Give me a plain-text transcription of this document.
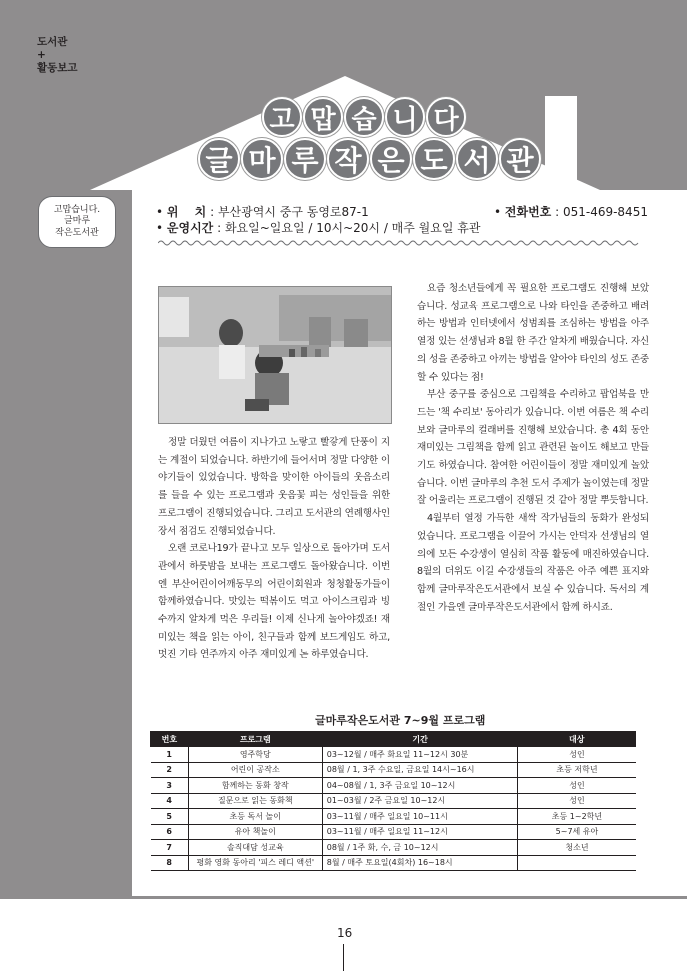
도서관
+
활동보고
고 맙 습 니 다
글 마 루 작 은 도 서 관
고맙습니다.
글마루
작은도서관
• 위　 치 : 부산광역시 중구 동영로87-1	• 전화번호 : 051-469-8451
• 운영시간 : 화요일~일요일 / 10시~20시 / 매주 월요일 휴관

정말 더웠던 여름이 지나가고 노랗고 빨갛게 단풍이 지는 계절이 되었습니다. 하반기에 들어서며 정말 다양한 이야기들이 있었습니다. 방학을 맞이한 아이들의 웃음소리를 들을 수 있는 프로그램과 웃음꽃 피는 성인들을 위한 프로그램이 진행되었습니다. 그리고 도서관의 연례행사인 장서 점검도 진행되었습니다.

오랜 코로나19가 끝나고 모두 일상으로 돌아가며 도서관에서 하룻밤을 보내는 프로그램도 돌아왔습니다. 이번엔 부산어린이어깨동무의 어린이회원과 청청활동가들이 함께하였습니다. 맛있는 떡볶이도 먹고 아이스크림과 빙수까지 알차게 먹은 우리들! 이제 신나게 놀아야겠죠! 재미있는 책을 읽는 아이, 친구들과 함께 보드게임도 하고, 멋진 기타 연주까지 아주 재미있게 논 하루였습니다.

요즘 청소년들에게 꼭 필요한 프로그램도 진행해 보았습니다. 성교육 프로그램으로 나와 타인을 존중하고 배려하는 방법과 인터넷에서 성범죄를 조심하는 방법을 아주 열정 있는 선생님과 8월 한 주간 알차게 배웠습니다. 자신의 성을 존중하고 아끼는 방법을 알아야 타인의 성도 존중할 수 있다는 점!

부산 중구를 중심으로 그림책을 수리하고 팝업북을 만드는 '책 수리보' 동아리가 있습니다. 이번 여름은 책 수리보와 글마루의 컬래버를 진행해 보았습니다. 총 4회 동안 재미있는 그림책을 함께 읽고 관련된 놀이도 해보고 만들기도 하였습니다. 참여한 어린이들이 정말 재미있게 놀았습니다. 이번 글마루의 추천 도서 주제가 놀이였는데 정말 잘 어울리는 프로그램이 진행된 것 같아 정말 뿌듯합니다.

4월부터 열정 가득한 새싹 작가님들의 동화가 완성되었습니다. 프로그램을 이끌어 가시는 안덕자 선생님의 열의에 모든 수강생이 열심히 작품 활동에 매진하였습니다. 8월의 더위도 이길 수강생들의 작품은 아주 예쁜 표지와 함께 글마루작은도서관에서 보실 수 있습니다. 독서의 계절인 가을엔 글마루작은도서관에서 함께 하시죠.

글마루작은도서관 7~9월 프로그램
번호	프로그램	기간	대상
1	영주학당	03~12월 / 매주 화요일 11~12시 30분	성인
2	어린이 공작소	08월 / 1, 3주 수요일, 금요일 14시~16시	초등 저학년
3	함께하는 동화 창작	04~08월 / 1, 3주 금요일 10~12시	성인
4	질문으로 읽는 동화책	01~03월 / 2주 금요일 10~12시	성인
5	초등 독서 놀이	03~11월 / 매주 일요일 10~11시	초등 1~2학년
6	유아 책놀이	03~11월 / 매주 일요일 11~12시	5~7세 유아
7	솔직대담 성교육	08월 / 1주 화, 수, 금 10~12시	청소년
8	평화 영화 동아리 '피스 레디 액션'	8월 / 매주 토요일(4회차) 16~18시	
16
